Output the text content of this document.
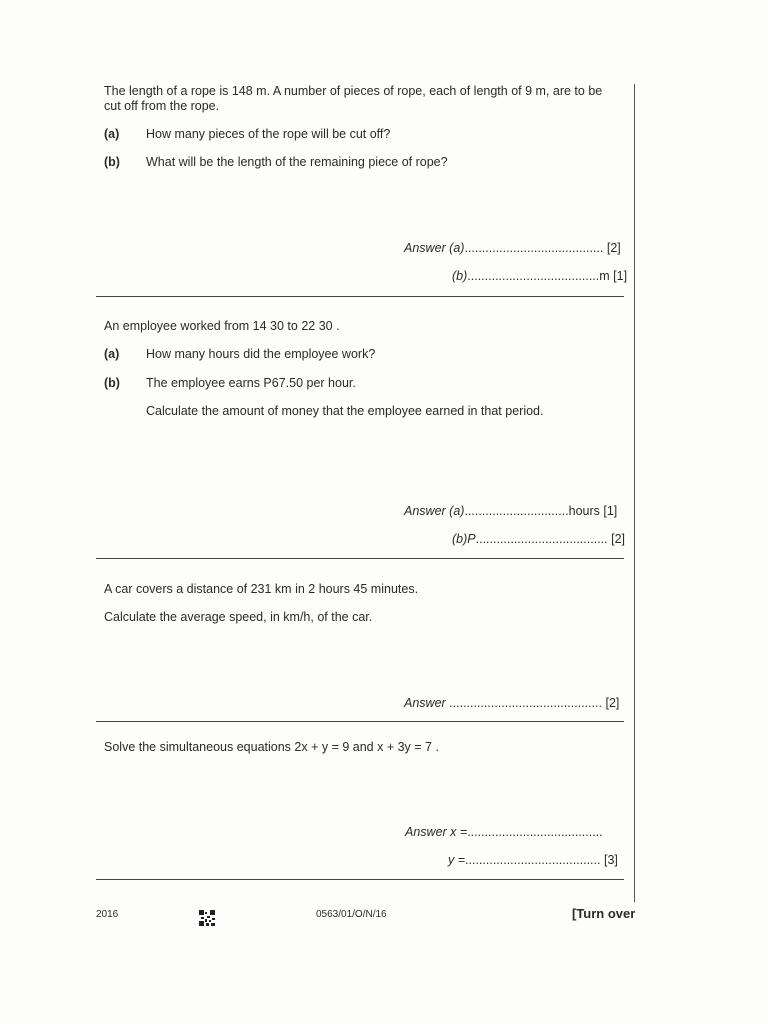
The length of a rope is 148 m. A number of pieces of rope, each of length of 9 m, are to be
cut off from the rope.
(a) How many pieces of the rope will be cut off?
(b) What will be the length of the remaining piece of rope?
Answer (a)........................................ [2]
(b)......................................m [1]
An employee worked from 14 30 to 22 30 .
(a) How many hours did the employee work?
(b) The employee earns P67.50 per hour.
Calculate the amount of money that the employee earned in that period.
Answer (a)..............................hours [1]
(b)P...................................... [2]
A car covers a distance of 231 km in 2 hours 45 minutes.
Calculate the average speed, in km/h, of the car.
Answer ............................................ [2]
Solve the simultaneous equations 2x + y = 9 and x + 3y = 7 .
Answer x =.......................................
y =....................................... [3]
2016	0563/01/O/N/16	[Turn over
